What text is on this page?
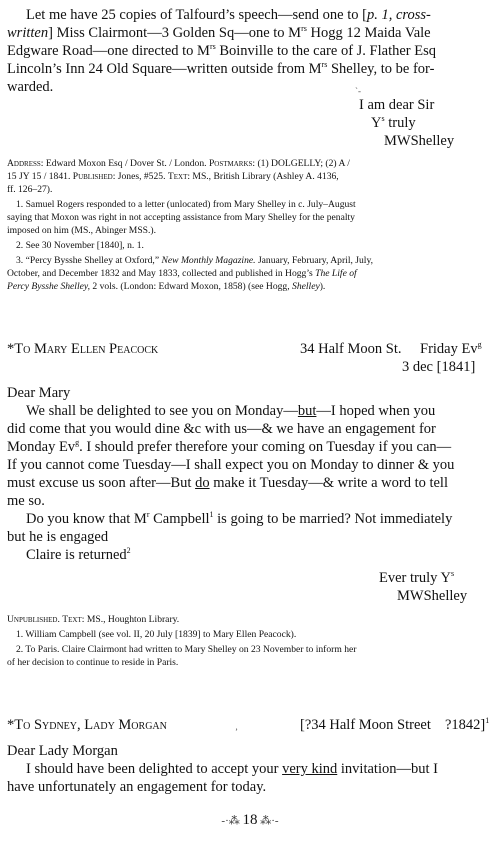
Let me have 25 copies of Talfourd’s speech—send one to [p. 1, cross-
written] Miss Clairmont—3 Golden Sq—one to $M^{rs}$ Hogg 12 Maida Vale
Edgware Road—one directed to $M^{rs}$ Boinville to the care of J. Flather Esq
Lincoln’s Inn 24 Old Square—written outside from $M^{rs}$ Shelley, to be for-
warded.	`‐
I am dear Sir
$Y^s$ truly
MWShelley
Address: Edward Moxon Esq / Dover St. / London. Postmarks: (1) DOLGELLY; (2) A /
15 JY 15 / 1841. Published: Jones, #525. Text: MS., British Library (Ashley A. 4136,
ff. 126–27).
1. Samuel Rogers responded to a letter (unlocated) from Mary Shelley in c. July–August
saying that Moxon was right in not accepting assistance from Mary Shelley for the penalty
imposed on him (MS., Abinger MSS.).
2. See 30 November [1840], n. 1.
3. “Percy Bysshe Shelley at Oxford,” New Monthly Magazine. January, February, April, July,
October, and December 1832 and May 1833, collected and published in Hogg’s The Life of
Percy Bysshe Shelley, 2 vols. (London: Edward Moxon, 1858) (see Hogg, Shelley).
*To Mary Ellen Peacock	34 Half Moon St. Friday Ev$^g$
3 dec [1841]
Dear Mary
We shall be delighted to see you on Monday—but—I hoped when you
did come that you would dine &c with us—& we have an engagement for
Monday Ev$^g$. I should prefer therefore your coming on Tuesday if you can—
If you cannot come Tuesday—I shall expect you on Monday to dinner & you
must excuse us soon after—But do make it Tuesday—& write a word to tell
me so.
Do you know that $M^r$ Campbell$^1$ is going to be married? Not immediately
but he is engaged
Claire is returned$^2$
Ever truly $Y^s$
MWShelley
Unpublished. Text: MS., Houghton Library.
1. William Campbell (see vol. II, 20 July [1839] to Mary Ellen Peacock).
2. To Paris. Claire Clairmont had written to Mary Shelley on 23 November to inform her
of her decision to continue to reside in Paris.
*To Sydney, Lady Morgan	[?34 Half Moon Street ?1842]$^1$
ʼ
Dear Lady Morgan
I should have been delighted to accept your very kind invitation—but I
have unfortunately an engagement for today.
-·⁂ 18 ⁂·-
